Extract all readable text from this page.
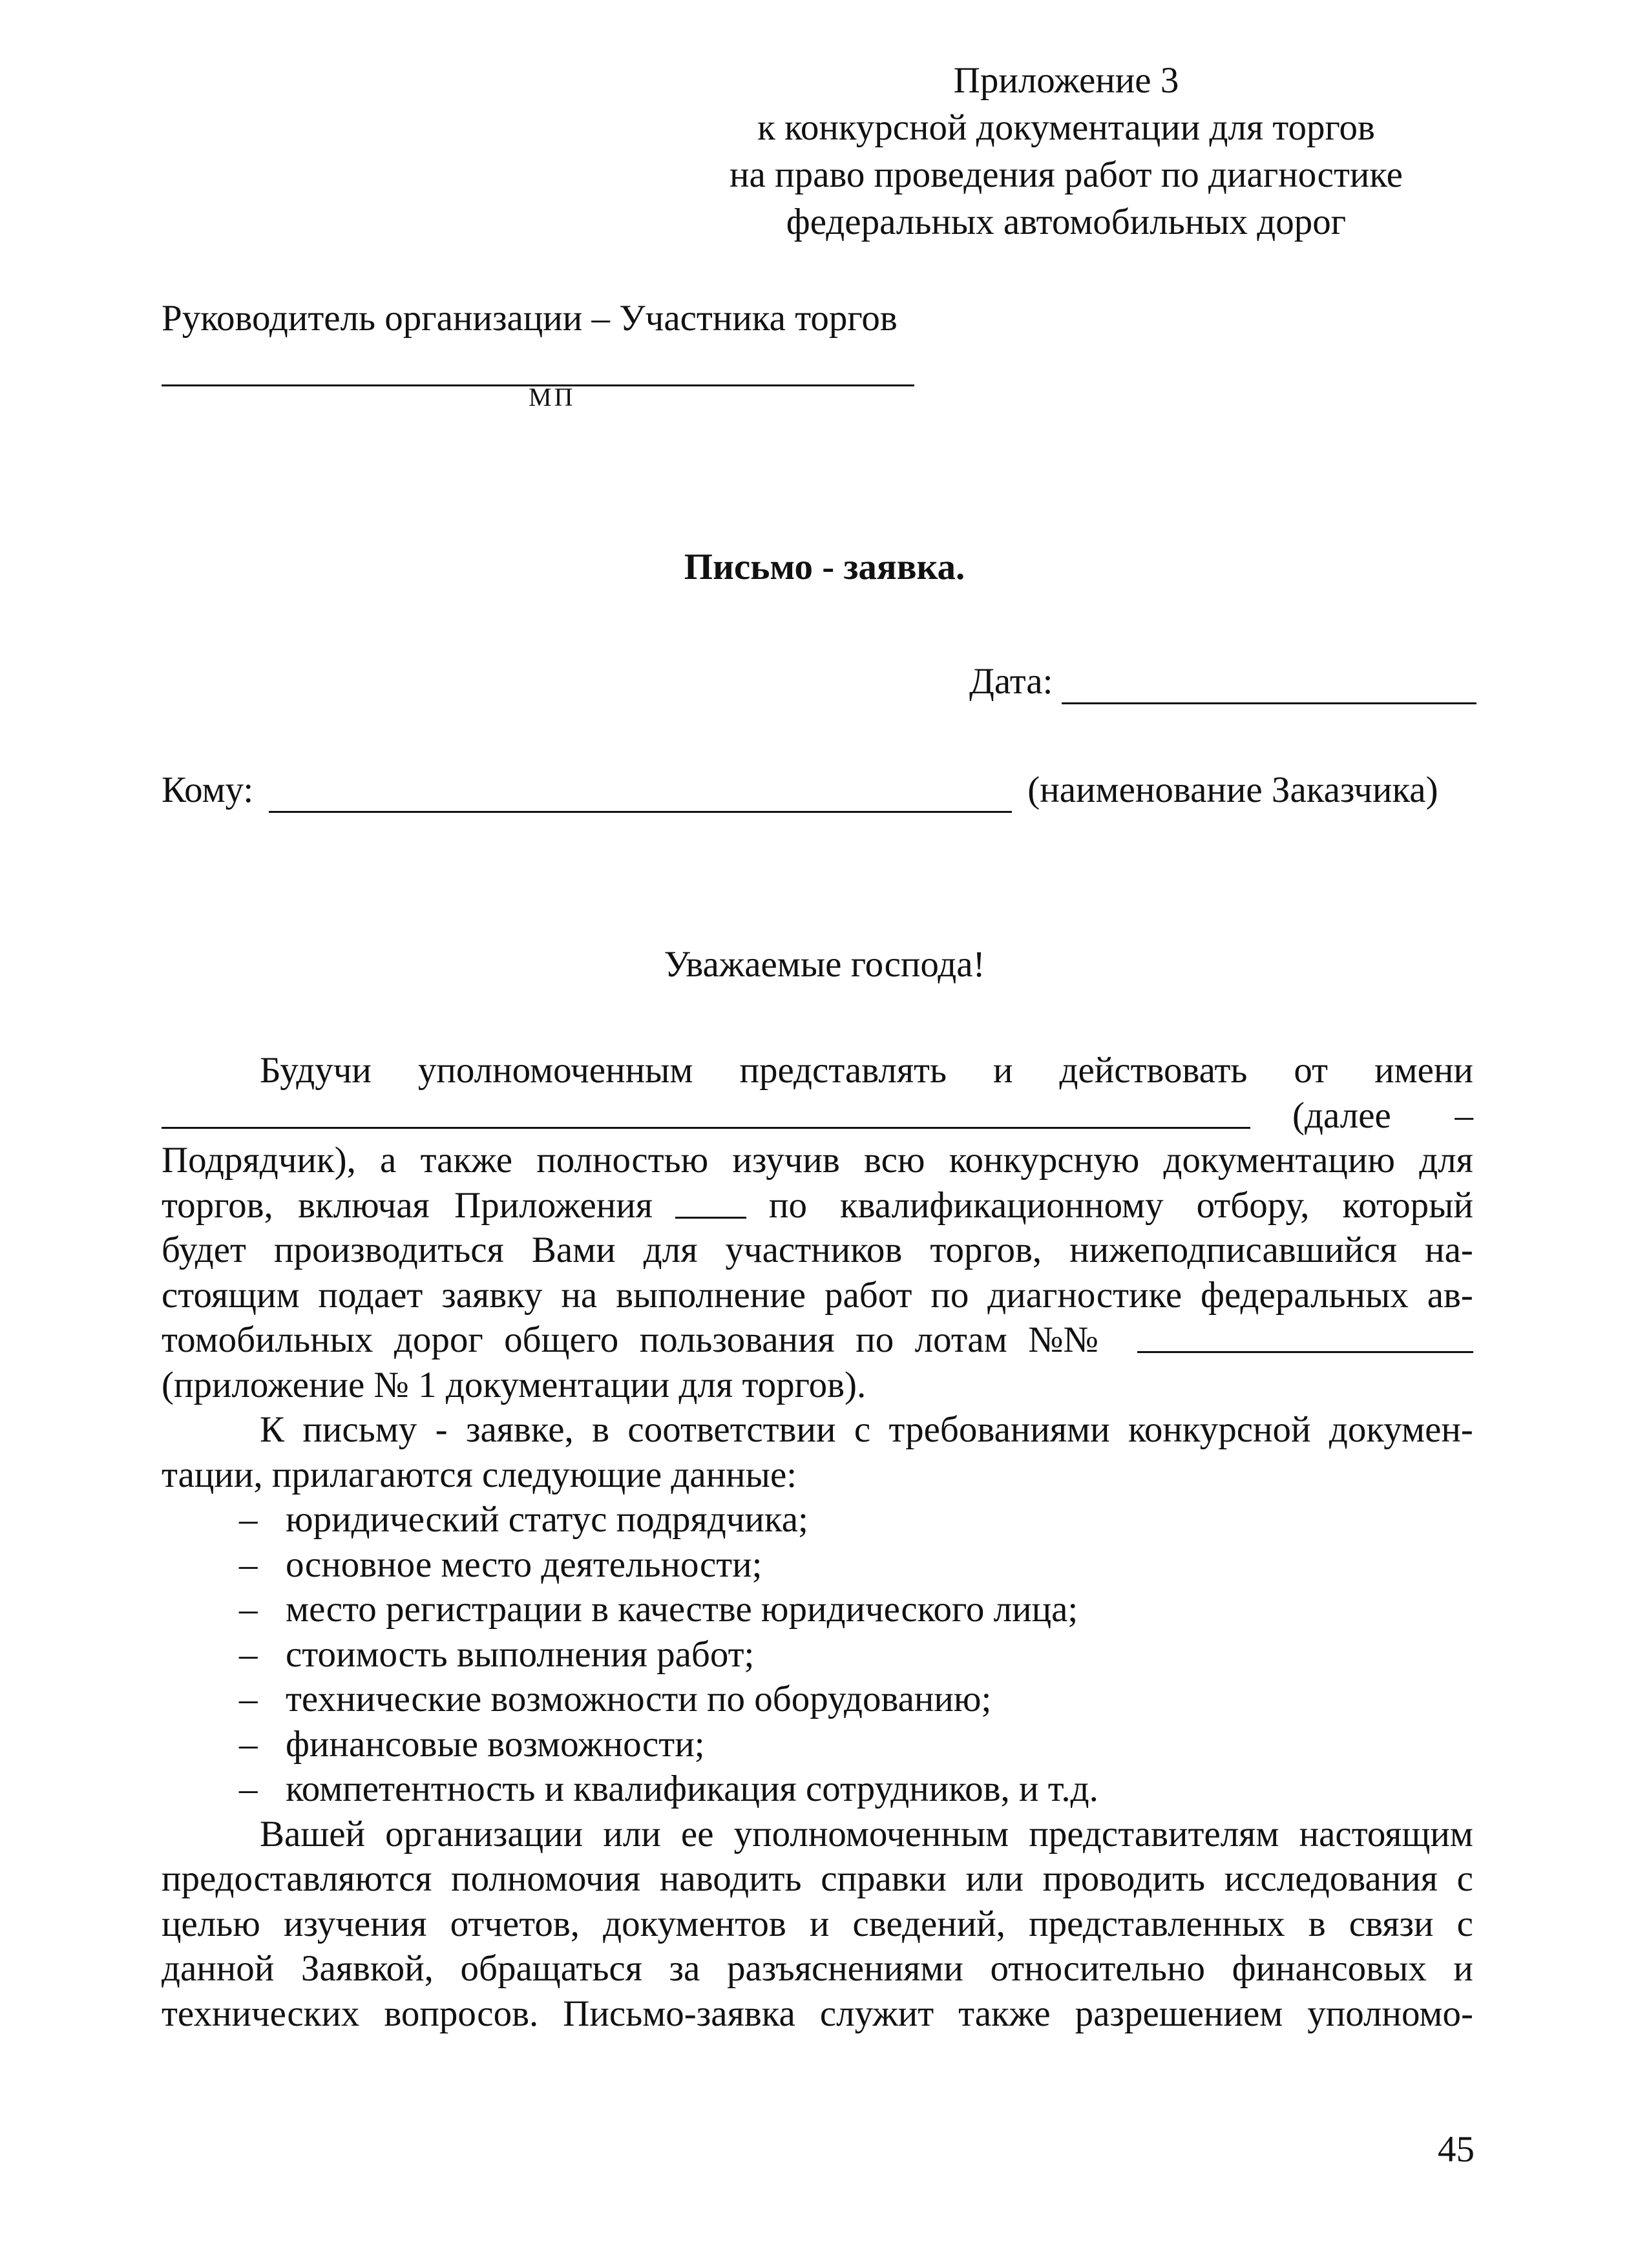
Приложение 3
к конкурсной документации для торгов
на право проведения работ по диагностике
федеральных автомобильных дорог
Руководитель организации – Участника торгов
МП
Письмо - заявка.
Дата:
Кому:	(наименование Заказчика)
Уважаемые господа!
Будучи уполномоченным представлять и действовать от имени
(далее –
Подрядчик), а также полностью изучив всю конкурсную документацию для
торгов, включая Приложения	по квалификационному отбору, который
будет производиться Вами для участников торгов, нижеподписавшийся на-
стоящим подает заявку на выполнение работ по диагностике федеральных ав-
томобильных дорог общего пользования по лотам №№
(приложение № 1 документации для торгов).
К письму - заявке, в соответствии с требованиями конкурсной докумен-
тации, прилагаются следующие данные:
– юридический статус подрядчика;
– основное место деятельности;
– место регистрации в качестве юридического лица;
– стоимость выполнения работ;
– технические возможности по оборудованию;
– финансовые возможности;
– компетентность и квалификация сотрудников, и т.д.
Вашей организации или ее уполномоченным представителям настоящим
предоставляются полномочия наводить справки или проводить исследования с
целью изучения отчетов, документов и сведений, представленных в связи с
данной Заявкой, обращаться за разъяснениями относительно финансовых и
технических вопросов. Письмо-заявка служит также разрешением уполномо-
45
